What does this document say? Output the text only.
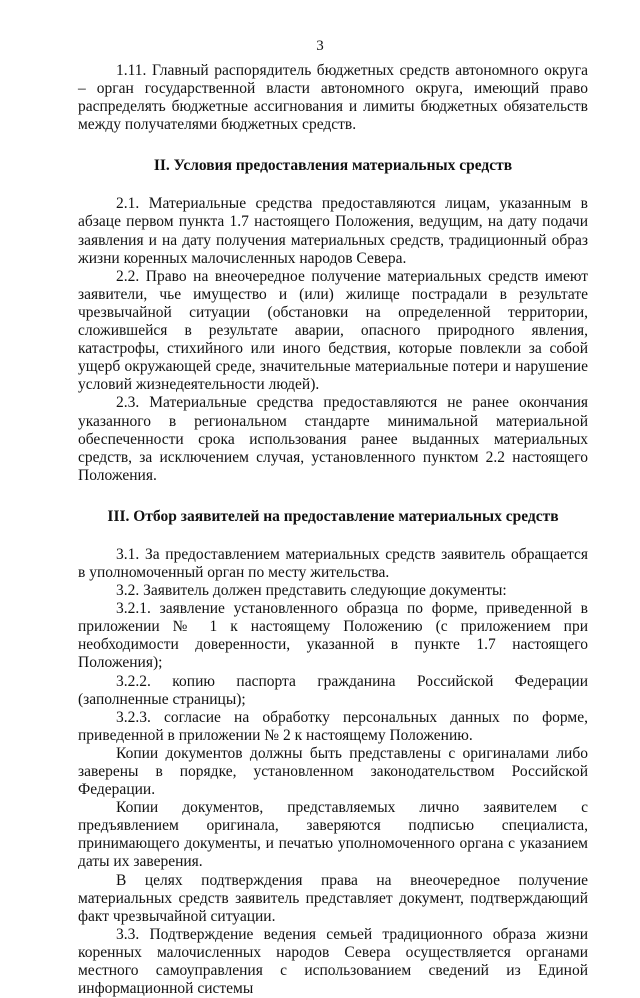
3

1.11. Главный распорядитель бюджетных средств автономного округа – орган государственной власти автономного округа, имеющий право распределять бюджетные ассигнования и лимиты бюджетных обязательств между получателями бюджетных средств.

II. Условия предоставления материальных средств

2.1. Материальные средства предоставляются лицам, указанным в абзаце первом пункта 1.7 настоящего Положения, ведущим, на дату подачи заявления и на дату получения материальных средств, традиционный образ жизни коренных малочисленных народов Севера.

2.2. Право на внеочередное получение материальных средств имеют заявители, чье имущество и (или) жилище пострадали в результате чрезвычайной ситуации (обстановки на определенной территории, сложившейся в результате аварии, опасного природного явления, катастрофы, стихийного или иного бедствия, которые повлекли за собой ущерб окружающей среде, значительные материальные потери и нарушение условий жизнедеятельности людей).

2.3. Материальные средства предоставляются не ранее окончания указанного в региональном стандарте минимальной материальной обеспеченности срока использования ранее выданных материальных средств, за исключением случая, установленного пунктом 2.2 настоящего Положения.

III. Отбор заявителей на предоставление материальных средств

3.1. За предоставлением материальных средств заявитель обращается в уполномоченный орган по месту жительства.

3.2. Заявитель должен представить следующие документы:

3.2.1. заявление установленного образца по форме, приведенной в приложении № 1 к настоящему Положению (с приложением при необходимости доверенности, указанной в пункте 1.7 настоящего Положения);

3.2.2. копию паспорта гражданина Российской Федерации (заполненные страницы);

3.2.3. согласие на обработку персональных данных по форме, приведенной в приложении № 2 к настоящему Положению.

Копии документов должны быть представлены с оригиналами либо заверены в порядке, установленном законодательством Российской Федерации.

Копии документов, представляемых лично заявителем с предъявлением оригинала, заверяются подписью специалиста, принимающего документы, и печатью уполномоченного органа с указанием даты их заверения.

В целях подтверждения права на внеочередное получение материальных средств заявитель представляет документ, подтверждающий факт чрезвычайной ситуации.

3.3. Подтверждение ведения семьей традиционного образа жизни коренных малочисленных народов Севера осуществляется органами местного самоуправления с использованием сведений из Единой информационной системы
